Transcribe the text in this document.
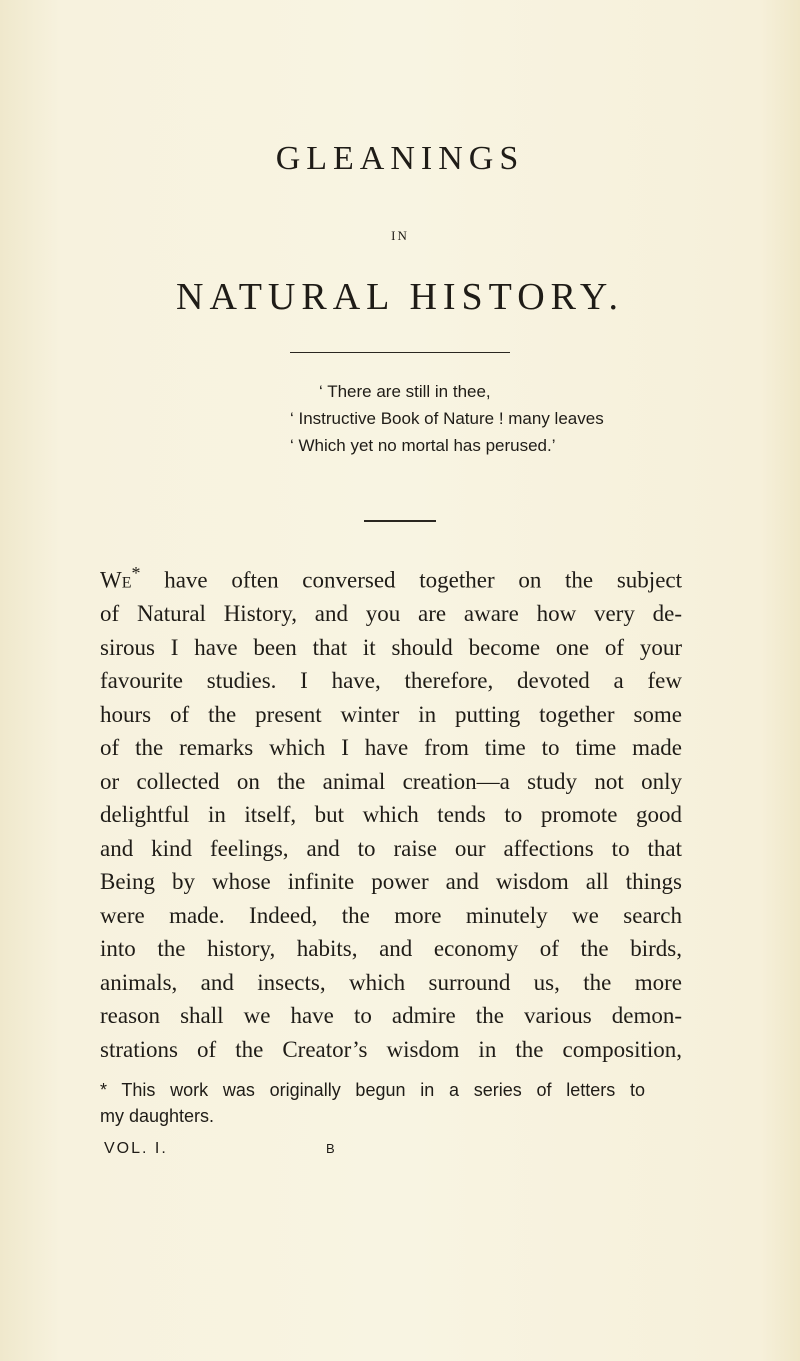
GLEANINGS
IN
NATURAL HISTORY.
‘ There are still in thee,
‘ Instructive Book of Nature ! many leaves
‘ Which yet no mortal has perused.’
We* have often conversed together on the subject
of Natural History, and you are aware how very de-
sirous I have been that it should become one of your
favourite studies. I have, therefore, devoted a few
hours of the present winter in putting together some
of the remarks which I have from time to time made
or collected on the animal creation—a study not only
delightful in itself, but which tends to promote good
and kind feelings, and to raise our affections to that
Being by whose infinite power and wisdom all things
were made. Indeed, the more minutely we search
into the history, habits, and economy of the birds,
animals, and insects, which surround us, the more
reason shall we have to admire the various demon-
strations of the Creator’s wisdom in the composition,
* This work was originally begun in a series of letters to
my daughters.
VOL. I.	B
